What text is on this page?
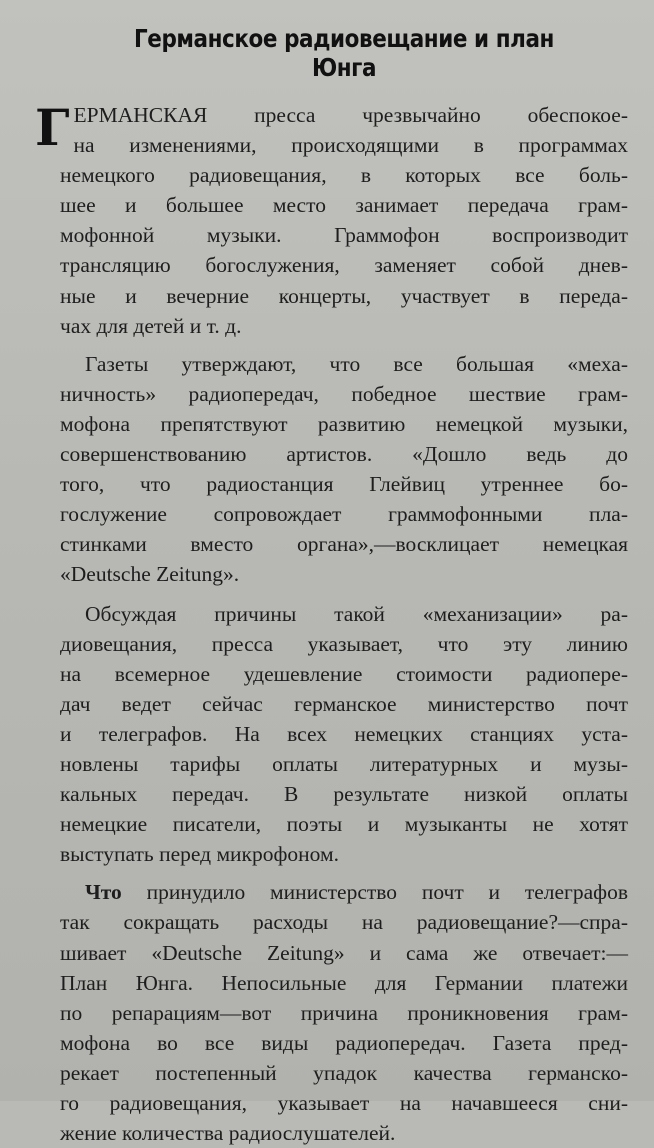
Германское радиовещание и план Юнга
Г ЕРМАНСКАЯ пресса чрезвычайно обеспокое-
на изменениями, происходящими в программах
немецкого радиовещания, в которых все боль-
шее и большее место занимает передача грам-
мофонной музыки. Граммофон воспроизводит
трансляцию богослужения, заменяет собой днев-
ные и вечерние концерты, участвует в переда-
чах для детей и т. д.
Газеты утверждают, что все большая «меха-
ничность» радиопередач, победное шествие грам-
мофона препятствуют развитию немецкой музыки,
совершенствованию артистов. «Дошло ведь до
того, что радиостанция Глейвиц утреннее бо-
гослужение сопровождает граммофонными пла-
стинками вместо органа»,—восклицает немецкая
«Deutsche Zeitung».
Обсуждая причины такой «механизации» ра-
диовещания, пресса указывает, что эту линию
на всемерное удешевление стоимости радиопере-
дач ведет сейчас германское министерство почт
и телеграфов. На всех немецких станциях уста-
новлены тарифы оплаты литературных и музы-
кальных передач. В результате низкой оплаты
немецкие писатели, поэты и музыканты не хотят
выступать перед микрофоном.
Что принудило министерство почт и телеграфов
так сокращать расходы на радиовещание?—спра-
шивает «Deutsche Zeitung» и сама же отвечает:—
План Юнга. Непосильные для Германии платежи
по репарациям—вот причина проникновения грам-
мофона во все виды радиопередач. Газета пред-
рекает постепенный упадок качества германско-
го радиовещания, указывает на начавшееся сни-
жение количества радиослушателей.
